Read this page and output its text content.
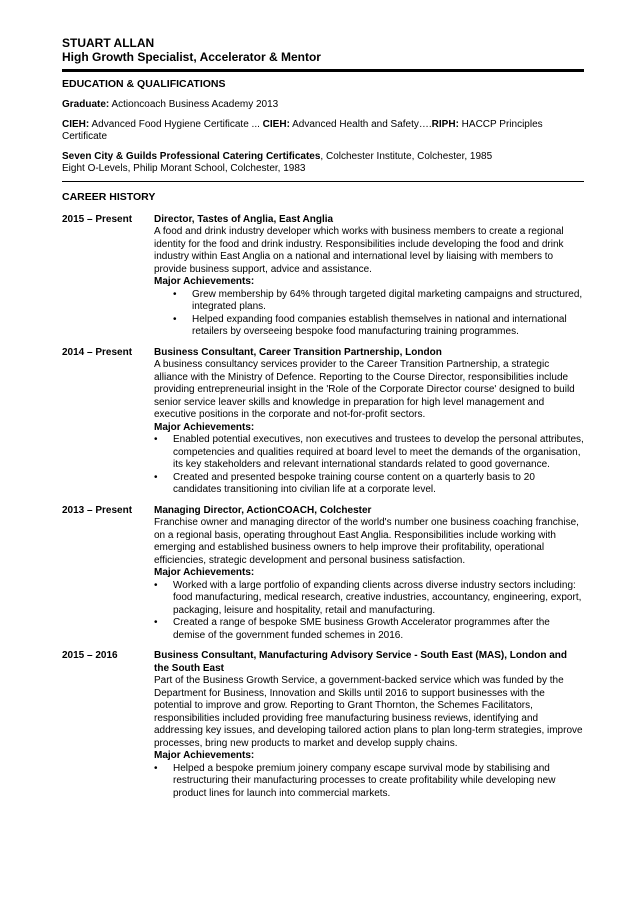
STUART ALLAN
High Growth Specialist, Accelerator & Mentor
EDUCATION & QUALIFICATIONS
Graduate: Actioncoach Business Academy 2013
CIEH: Advanced Food Hygiene Certificate ... CIEH: Advanced Health and Safety….RIPH: HACCP Principles Certificate
Seven City & Guilds Professional Catering Certificates, Colchester Institute, Colchester, 1985
Eight O-Levels, Philip Morant School, Colchester, 1983
CAREER HISTORY
2015 – Present	Director, Tastes of Anglia, East Anglia
A food and drink industry developer which works with business members to create a regional identity for the food and drink industry. Responsibilities include developing the food and drink industry within East Anglia on a national and international level by liaising with members to provide business support, advice and assistance.
Major Achievements:
•	Grew membership by 64% through targeted digital marketing campaigns and structured, integrated plans.
•	Helped expanding food companies establish themselves in national and international retailers by overseeing bespoke food manufacturing training programmes.
2014 – Present	Business Consultant, Career Transition Partnership, London
A business consultancy services provider to the Career Transition Partnership, a strategic alliance with the Ministry of Defence. Reporting to the Course Director, responsibilities include providing entrepreneurial insight in the 'Role of the Corporate Director course' designed to build senior service leaver skills and knowledge in preparation for high level management and executive positions in the corporate and not-for-profit sectors.
Major Achievements:
•	Enabled potential executives, non executives and trustees to develop the personal attributes, competencies and qualities required at board level to meet the demands of the organisation, its key stakeholders and relevant international standards related to good governance.
•	Created and presented bespoke training course content on a quarterly basis to 20 candidates transitioning into civilian life at a corporate level.
2013 – Present	Managing Director, ActionCOACH, Colchester
Franchise owner and managing director of the world's number one business coaching franchise, on a regional basis, operating throughout East Anglia. Responsibilities include working with emerging and established business owners to help improve their profitability, operational efficiencies, strategic development and personal business satisfaction.
Major Achievements:
•	Worked with a large portfolio of expanding clients across diverse industry sectors including: food manufacturing, medical research, creative industries, accountancy, engineering, export, packaging, leisure and hospitality, retail and manufacturing.
•	Created a range of bespoke SME business Growth Accelerator programmes after the demise of the government funded schemes in 2016.
2015 – 2016	Business Consultant, Manufacturing Advisory Service - South East (MAS), London and the South East
Part of the Business Growth Service, a government-backed service which was funded by the Department for Business, Innovation and Skills until 2016 to support businesses with the potential to improve and grow. Reporting to Grant Thornton, the Schemes Facilitators, responsibilities included providing free manufacturing business reviews, identifying and addressing key issues, and developing tailored action plans to plan long-term strategies, improve processes, bring new products to market and develop supply chains.
Major Achievements:
•	Helped a bespoke premium joinery company escape survival mode by stabilising and restructuring their manufacturing processes to create profitability while developing new product lines for launch into commercial markets.
